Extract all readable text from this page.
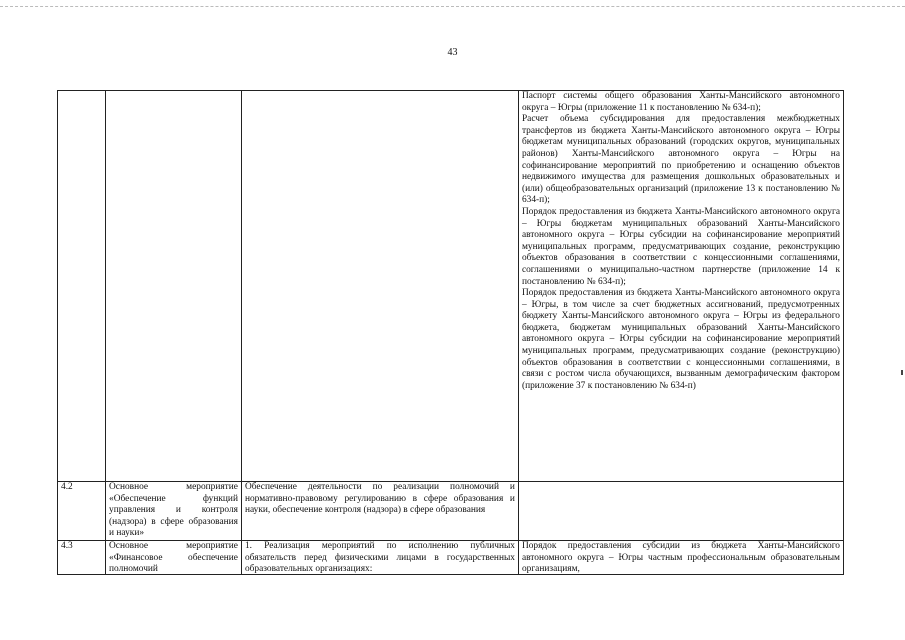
43

			Паспорт системы общего образования Ханты-Мансийского автономного округа – Югры (приложение 11 к постановлению № 634-п);
Расчет объема субсидирования для предоставления межбюджетных трансфертов из бюджета Ханты-Мансийского автономного округа – Югры бюджетам муниципальных образований (городских округов, муниципальных районов) Ханты-Мансийского автономного округа – Югры на софинансирование мероприятий по приобретению и оснащению объектов недвижимого имущества для размещения дошкольных образовательных и (или) общеобразовательных организаций (приложение 13 к постановлению № 634-п);
Порядок предоставления из бюджета Ханты-Мансийского автономного округа – Югры бюджетам муниципальных образований Ханты-Мансийского автономного округа – Югры субсидии на софинансирование мероприятий муниципальных программ, предусматривающих создание, реконструкцию объектов образования в соответствии с концессионными соглашениями, соглашениями о муниципально-частном партнерстве (приложение 14 к постановлению № 634-п);
Порядок предоставления из бюджета Ханты-Мансийского автономного округа – Югры, в том числе за счет бюджетных ассигнований, предусмотренных бюджету Ханты-Мансийского автономного округа – Югры из федерального бюджета, бюджетам муниципальных образований Ханты-Мансийского автономного округа – Югры субсидии на софинансирование мероприятий муниципальных программ, предусматривающих создание (реконструкцию) объектов образования в соответствии с концессионными соглашениями, в связи с ростом числа обучающихся, вызванным демографическим фактором (приложение 37 к постановлению № 634-п)

4.2	Основное мероприятие «Обеспечение функций управления и контроля (надзора) в сфере образования и науки»	Обеспечение деятельности по реализации полномочий и нормативно-правовому регулированию в сфере образования и науки, обеспечение контроля (надзора) в сфере образования	
4.3	Основное мероприятие «Финансовое обеспечение полномочий	1. Реализация мероприятий по исполнению публичных обязательств перед физическими лицами в государственных образовательных организациях:	Порядок предоставления субсидии из бюджета Ханты-Мансийского автономного округа – Югры частным профессиональным образовательным организациям,
